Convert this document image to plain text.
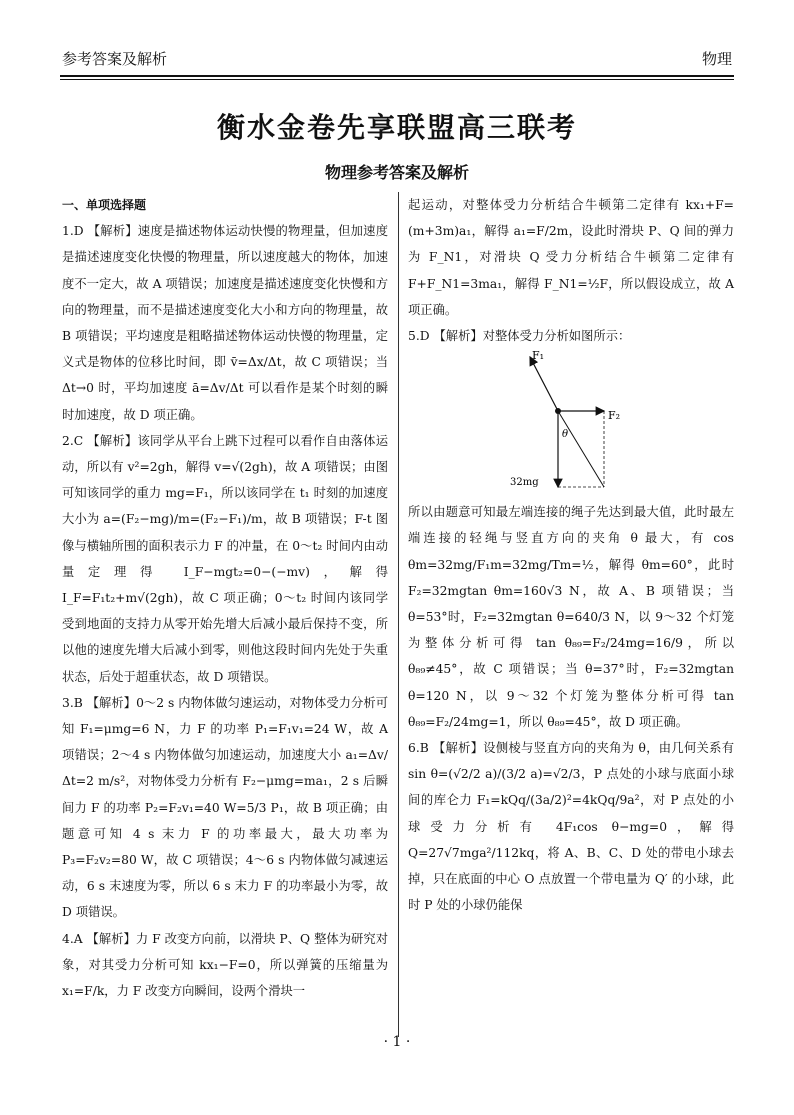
参考答案及解析	物理
衡水金卷先享联盟高三联考
物理参考答案及解析
一、单项选择题

1.D 【解析】速度是描述物体运动快慢的物理量，但加速度是描述速度变化快慢的物理量，所以速度越大的物体，加速度不一定大，故 A 项错误；加速度是描述速度变化快慢和方向的物理量，而不是描述速度变化大小和方向的物理量，故 B 项错误；平均速度是粗略描述物体运动快慢的物理量，定义式是物体的位移比时间，即 v̄=Δx/Δt，故 C 项错误；当 Δt→0 时，平均加速度 ā=Δv/Δt 可以看作是某个时刻的瞬时加速度，故 D 项正确。

2.C 【解析】该同学从平台上跳下过程可以看作自由落体运动，所以有 v²=2gh，解得 v=√(2gh)，故 A 项错误；由图可知该同学的重力 mg=F₁，所以该同学在 t₁ 时刻的加速度大小为 a=(F₂−mg)/m=(F₂−F₁)/m，故 B 项错误；F-t 图像与横轴所围的面积表示力 F 的冲量，在 0～t₂ 时间内由动量定理得 I_F−mgt₂=0−(−mv)，解得 I_F=F₁t₂+m√(2gh)，故 C 项正确；0～t₂ 时间内该同学受到地面的支持力从零开始先增大后减小最后保持不变，所以他的速度先增大后减小到零，则他这段时间内先处于失重状态，后处于超重状态，故 D 项错误。

3.B 【解析】0～2 s 内物体做匀速运动，对物体受力分析可知 F₁=μmg=6 N，力 F 的功率 P₁=F₁v₁=24 W，故 A 项错误；2～4 s 内物体做匀加速运动，加速度大小 a₁=Δv/Δt=2 m/s²，对物体受力分析有 F₂−μmg=ma₁，2 s 后瞬间力 F 的功率 P₂=F₂v₁=40 W=5/3 P₁，故 B 项正确；由题意可知 4 s 末力 F 的功率最大，最大功率为 P₃=F₂v₂=80 W，故 C 项错误；4～6 s 内物体做匀减速运动，6 s 末速度为零，所以 6 s 末力 F 的功率最小为零，故 D 项错误。

4.A 【解析】力 F 改变方向前，以滑块 P、Q 整体为研究对象，对其受力分析可知 kx₁−F=0，所以弹簧的压缩量为 x₁=F/k，力 F 改变方向瞬间，设两个滑块一

起运动，对整体受力分析结合牛顿第二定律有 kx₁+F=(m+3m)a₁，解得 a₁=F/2m，设此时滑块 P、Q 间的弹力为 F_N1，对滑块 Q 受力分析结合牛顿第二定律有 F+F_N1=3ma₁，解得 F_N1=½F，所以假设成立，故 A 项正确。

5.D 【解析】对整体受力分析如图所示：

F₁
F₂
θ
32mg

所以由题意可知最左端连接的绳子先达到最大值，此时最左端连接的轻绳与竖直方向的夹角 θ 最大，有 cos θm=32mg/F₁m=32mg/Tm=½，解得 θm=60°，此时 F₂=32mgtan θm=160√3 N，故 A、B 项错误；当 θ=53°时，F₂=32mgtan θ=640/3 N，以 9～32 个灯笼为整体分析可得 tan θ₈₉=F₂/24mg=16/9，所以 θ₈₉≠45°，故 C 项错误；当 θ=37°时，F₂=32mgtan θ=120 N，以 9～32 个灯笼为整体分析可得 tan θ₈₉=F₂/24mg=1，所以 θ₈₉=45°，故 D 项正确。

6.B 【解析】设侧棱与竖直方向的夹角为 θ，由几何关系有 sin θ=(√2/2 a)/(3/2 a)=√2/3，P 点处的小球与底面小球间的库仑力 F₁=kQq/(3a/2)²=4kQq/9a²，对 P 点处的小球受力分析有 4F₁cos θ−mg=0，解得 Q=27√7mga²/112kq，将 A、B、C、D 处的带电小球去掉，只在底面的中心 O 点放置一个带电量为 Q′ 的小球，此时 P 处的小球仍能保

· 1 ·
